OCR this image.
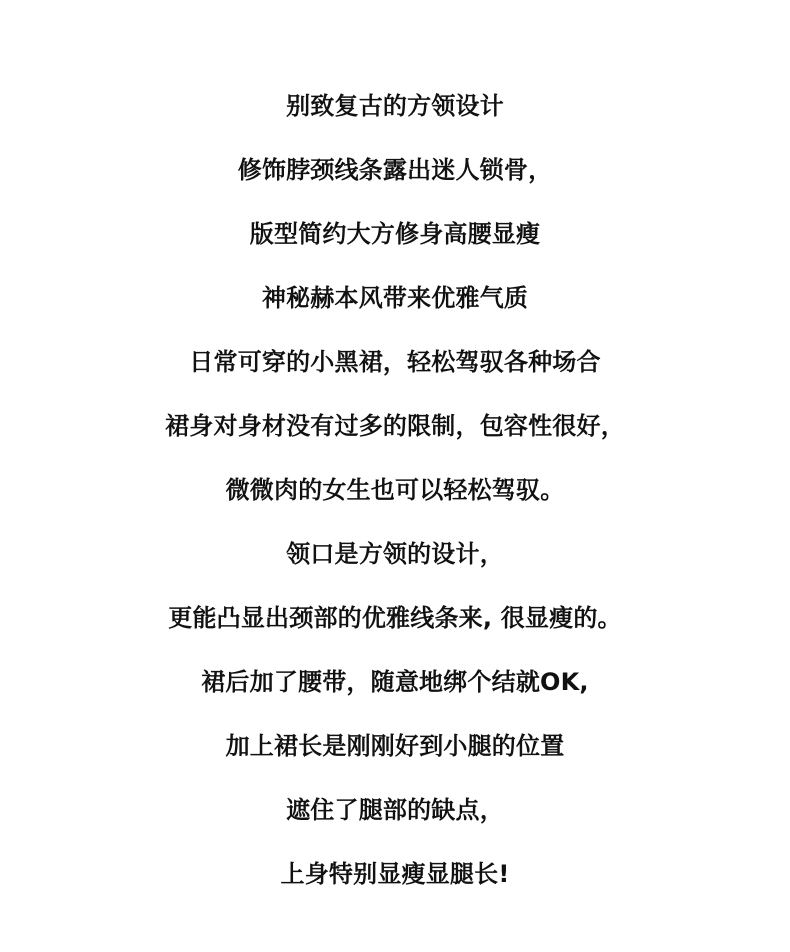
别致复古的方领设计
修饰脖颈线条露出迷人锁骨，
版型简约大方修身高腰显瘦
神秘赫本风带来优雅气质
日常可穿的小黑裙，轻松驾驭各种场合
裙身对身材没有过多的限制，包容性很好，
微微肉的女生也可以轻松驾驭。
领口是方领的设计，
更能凸显出颈部的优雅线条来, 很显瘦的。
裙后加了腰带，随意地绑个结就OK,
加上裙长是刚刚好到小腿的位置
遮住了腿部的缺点，
上身特别显瘦显腿长!
